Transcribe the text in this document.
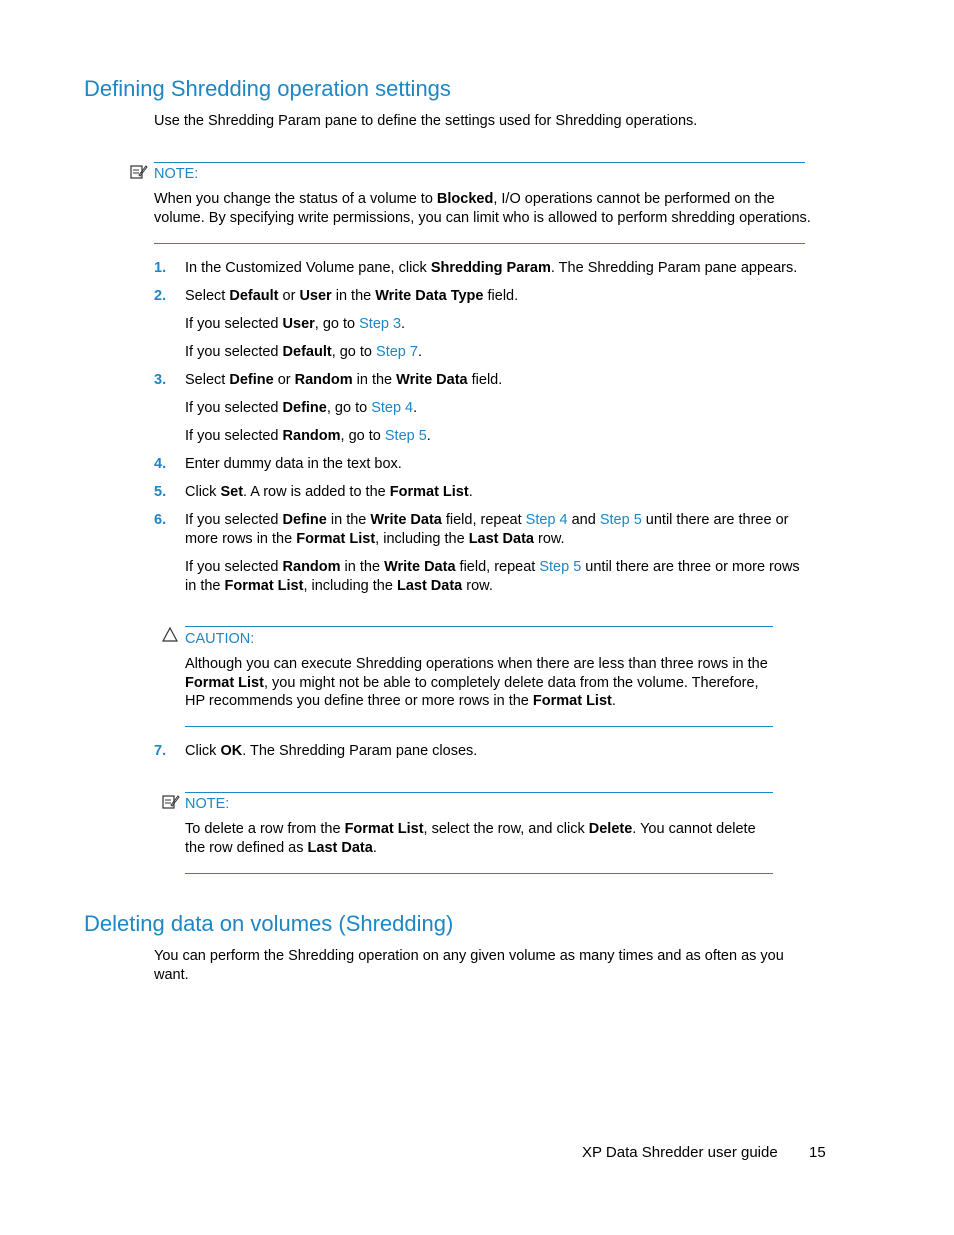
Defining Shredding operation settings

Use the Shredding Param pane to define the settings used for Shredding operations.

NOTE:

When you change the status of a volume to Blocked, I/O operations cannot be performed on the

volume. By specifying write permissions, you can limit who is allowed to perform shredding operations.

1. In the Customized Volume pane, click Shredding Param. The Shredding Param pane appears.

2. Select Default or User in the Write Data Type field.

If you selected User, go to Step 3.

If you selected Default, go to Step 7.

3. Select Define or Random in the Write Data field.

If you selected Define, go to Step 4.

If you selected Random, go to Step 5.

4. Enter dummy data in the text box.

5. Click Set. A row is added to the Format List.

6. If you selected Define in the Write Data field, repeat Step 4 and Step 5 until there are three or

more rows in the Format List, including the Last Data row.

If you selected Random in the Write Data field, repeat Step 5 until there are three or more rows

in the Format List, including the Last Data row.

CAUTION:

Although you can execute Shredding operations when there are less than three rows in the

Format List, you might not be able to completely delete data from the volume. Therefore,

HP recommends you define three or more rows in the Format List.

7. Click OK. The Shredding Param pane closes.

NOTE:

To delete a row from the Format List, select the row, and click Delete. You cannot delete

the row defined as Last Data.

Deleting data on volumes (Shredding)

You can perform the Shredding operation on any given volume as many times and as often as you

want.

XP Data Shredder user guide 15
